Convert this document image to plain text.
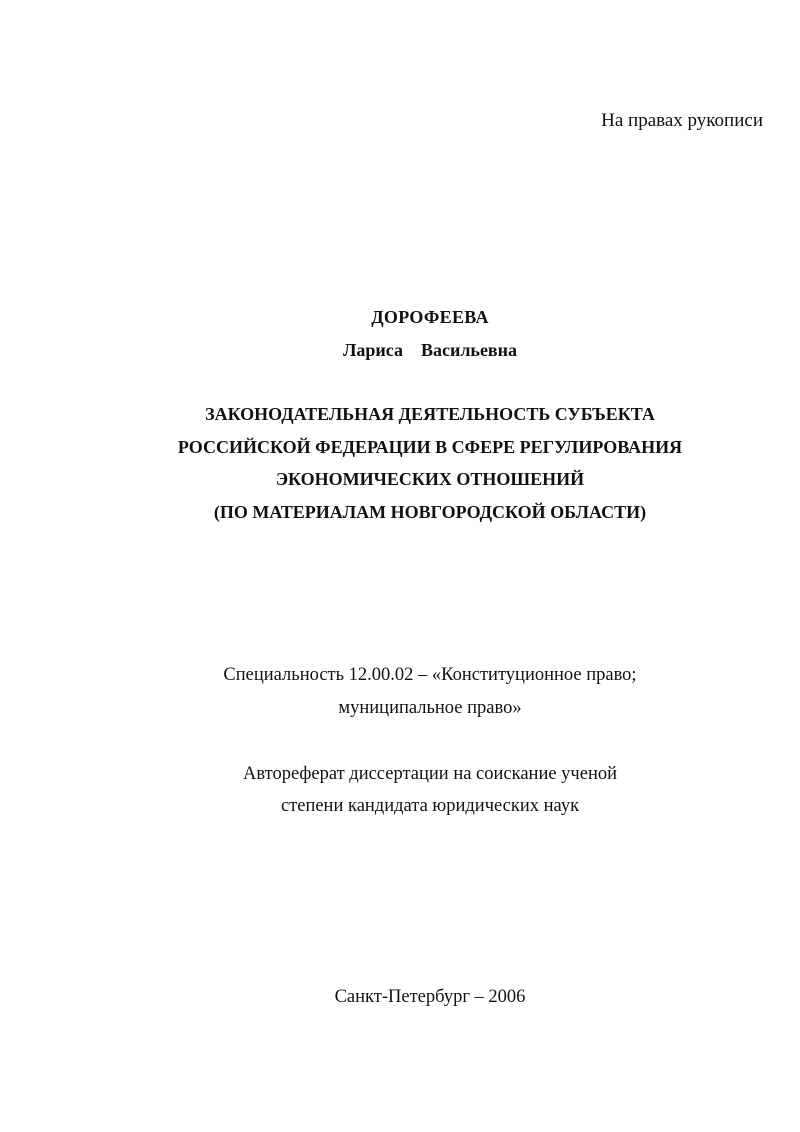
На правах рукописи
ДОРОФЕЕВА
Лариса    Васильевна
ЗАКОНОДАТЕЛЬНАЯ ДЕЯТЕЛЬНОСТЬ СУБЪЕКТА
РОССИЙСКОЙ ФЕДЕРАЦИИ В СФЕРЕ РЕГУЛИРОВАНИЯ
ЭКОНОМИЧЕСКИХ ОТНОШЕНИЙ
(ПО МАТЕРИАЛАМ НОВГОРОДСКОЙ ОБЛАСТИ)
Специальность 12.00.02 – «Конституционное право;
муниципальное право»
Автореферат диссертации на соискание ученой
степени кандидата юридических наук
Санкт-Петербург – 2006
